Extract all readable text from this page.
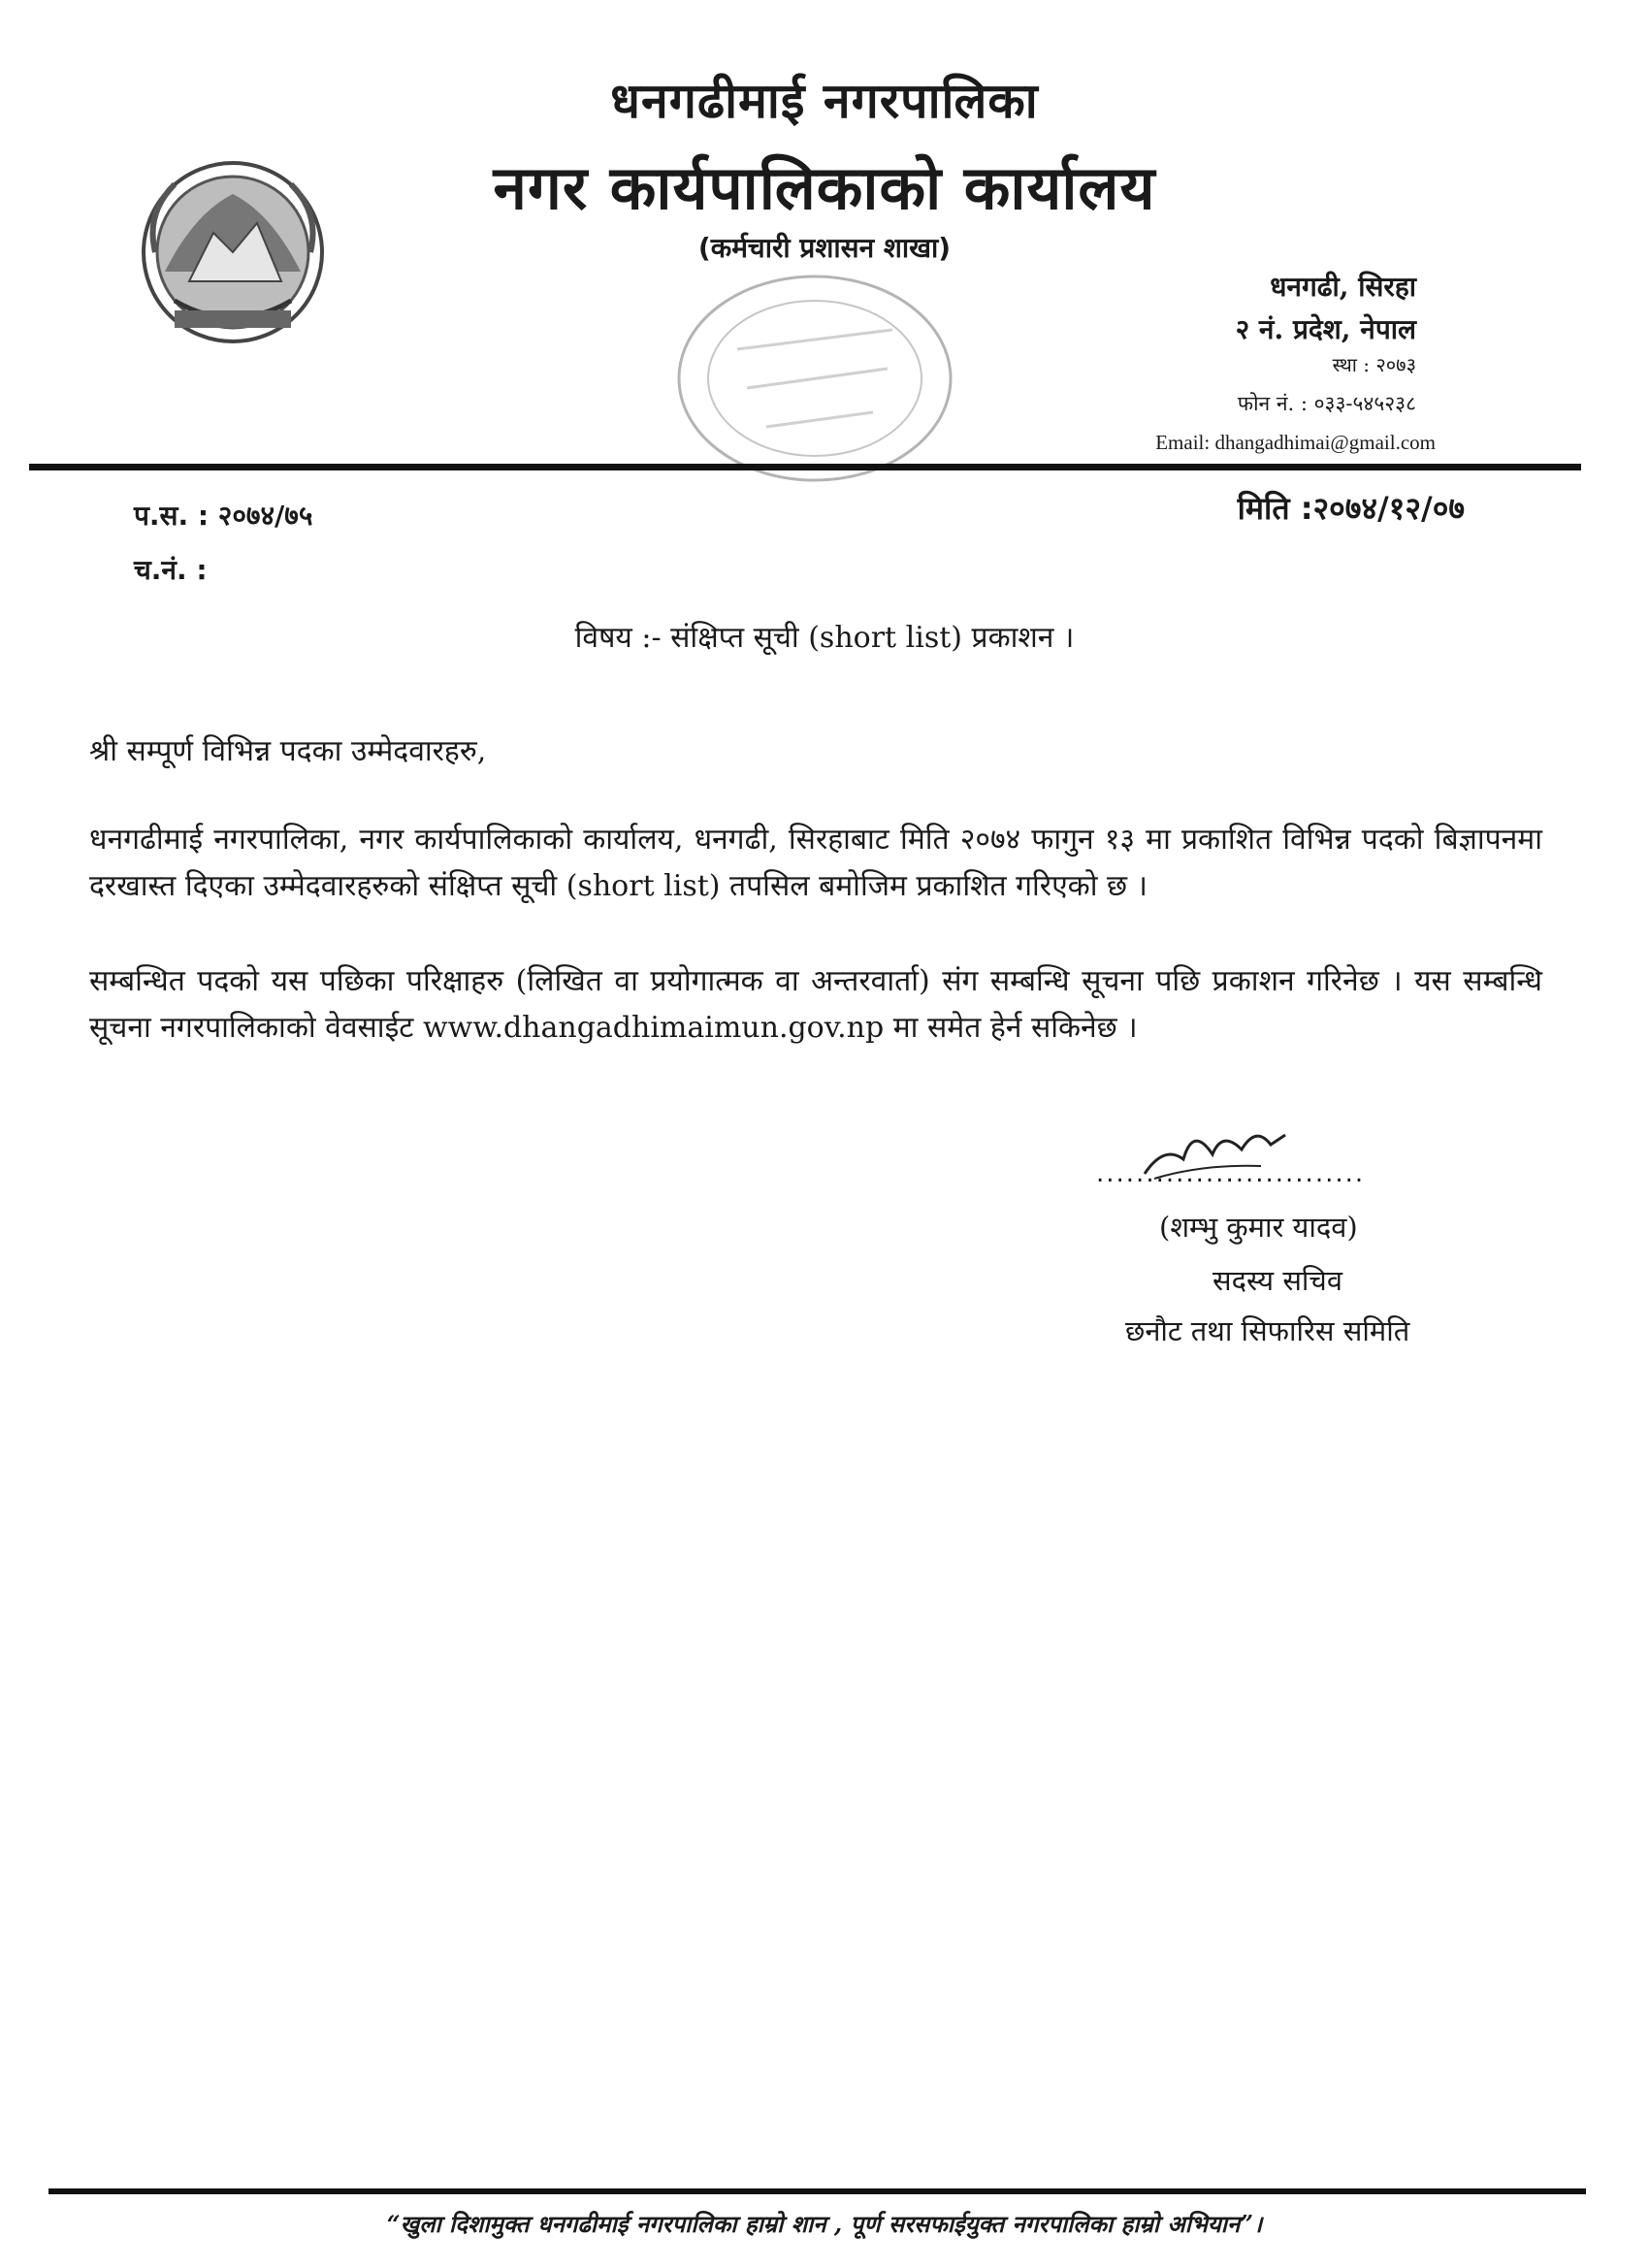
धनगढीमाई नगरपालिका
नगर कार्यपालिकाको कार्यालय
(कर्मचारी प्रशासन शाखा)
धनगढी, सिरहा
२ नं. प्रदेश, नेपाल
स्था : २०७३
फोन नं. : ०३३-५४५२३८
Email: dhangadhimai@gmail.com
प.स. : २०७४/७५
च.नं. :
मिति :२०७४/१२/०७
विषय :- संक्षिप्त सूची (short list) प्रकाशन ।
श्री सम्पूर्ण विभिन्न पदका उम्मेदवारहरु,
धनगढीमाई नगरपालिका, नगर कार्यपालिकाको कार्यालय, धनगढी, सिरहाबाट मिति २०७४ फागुन १३ मा प्रकाशित विभिन्न पदको बिज्ञापनमा दरखास्त दिएका उम्मेदवारहरुको संक्षिप्त सूची (short list) तपसिल बमोजिम प्रकाशित गरिएको छ ।
सम्बन्धित पदको यस पछिका परिक्षाहरु (लिखित वा प्रयोगात्मक वा अन्तरवार्ता) संग सम्बन्धि सूचना पछि प्रकाशन गरिनेछ । यस सम्बन्धि सूचना नगरपालिकाको वेवसाईट www.dhangadhimaimun.gov.np मा समेत हेर्न सकिनेछ ।
...........................
(शम्भु कुमार यादव)
सदस्य सचिव
छनौट तथा सिफारिस समिति
“खुला दिशामुक्त धनगढीमाई नगरपालिका हाम्रो शान , पूर्ण सरसफाईयुक्त नगरपालिका हाम्रो अभियान”।
